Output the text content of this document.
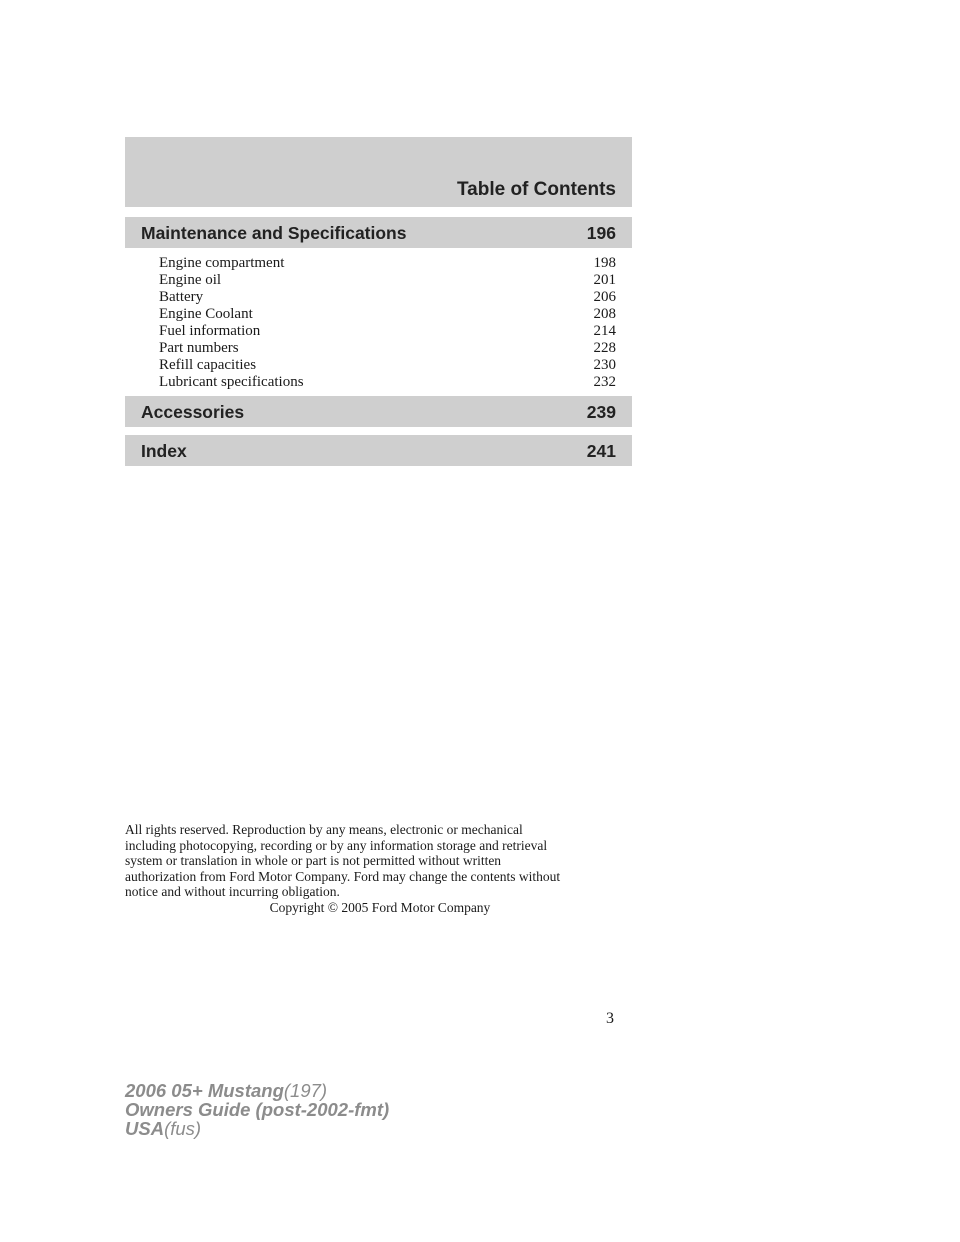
Table of Contents
Maintenance and Specifications	196
Engine compartment	198
Engine oil	201
Battery	206
Engine Coolant	208
Fuel information	214
Part numbers	228
Refill capacities	230
Lubricant specifications	232
Accessories	239
Index	241
All rights reserved. Reproduction by any means, electronic or mechanical
including photocopying, recording or by any information storage and retrieval
system or translation in whole or part is not permitted without written
authorization from Ford Motor Company. Ford may change the contents without
notice and without incurring obligation.
Copyright © 2005 Ford Motor Company
3
2006 05+ Mustang(197)
Owners Guide (post-2002-fmt)
USA(fus)
